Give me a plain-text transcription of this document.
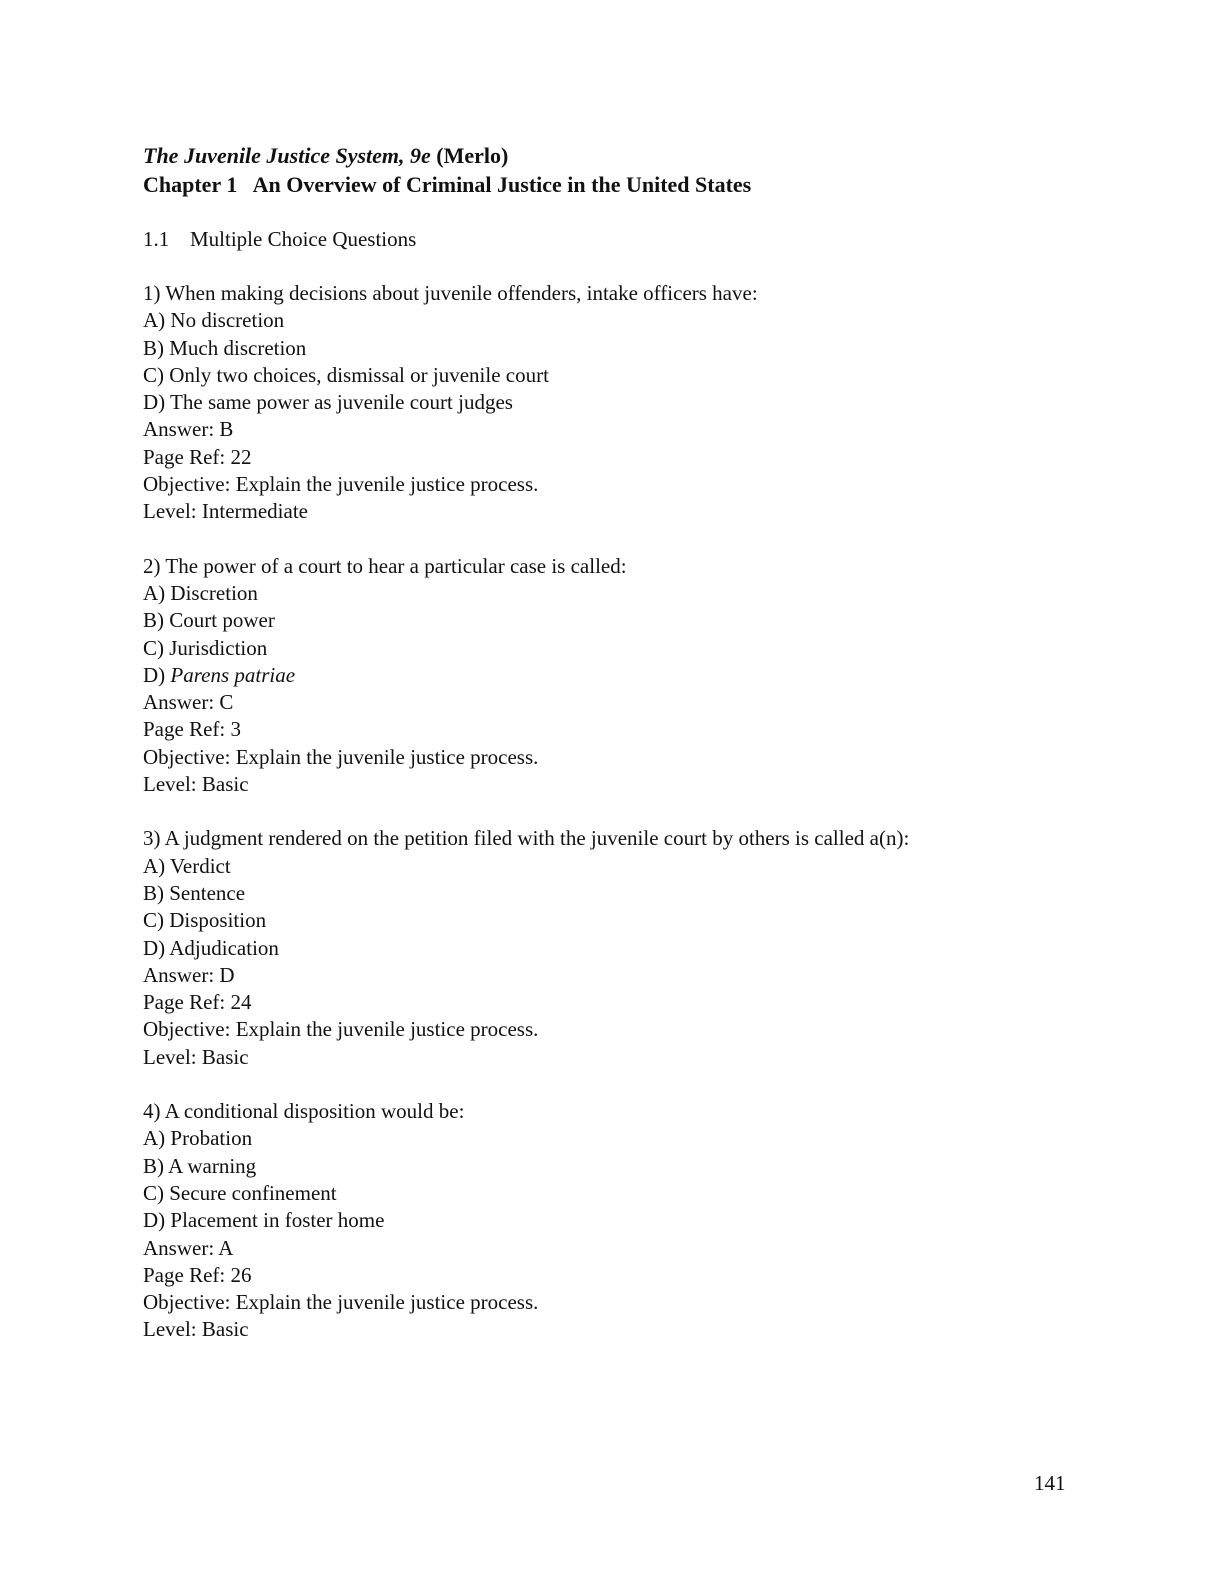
The Juvenile Justice System, 9e (Merlo)
Chapter 1 An Overview of Criminal Justice in the United States
1.1 Multiple Choice Questions
1) When making decisions about juvenile offenders, intake officers have:
A) No discretion
B) Much discretion
C) Only two choices, dismissal or juvenile court
D) The same power as juvenile court judges
Answer: B
Page Ref: 22
Objective: Explain the juvenile justice process.
Level: Intermediate
2) The power of a court to hear a particular case is called:
A) Discretion
B) Court power
C) Jurisdiction
D) Parens patriae
Answer: C
Page Ref: 3
Objective: Explain the juvenile justice process.
Level: Basic
3) A judgment rendered on the petition filed with the juvenile court by others is called a(n):
A) Verdict
B) Sentence
C) Disposition
D) Adjudication
Answer: D
Page Ref: 24
Objective: Explain the juvenile justice process.
Level: Basic
4) A conditional disposition would be:
A) Probation
B) A warning
C) Secure confinement
D) Placement in foster home
Answer: A
Page Ref: 26
Objective: Explain the juvenile justice process.
Level: Basic
141
